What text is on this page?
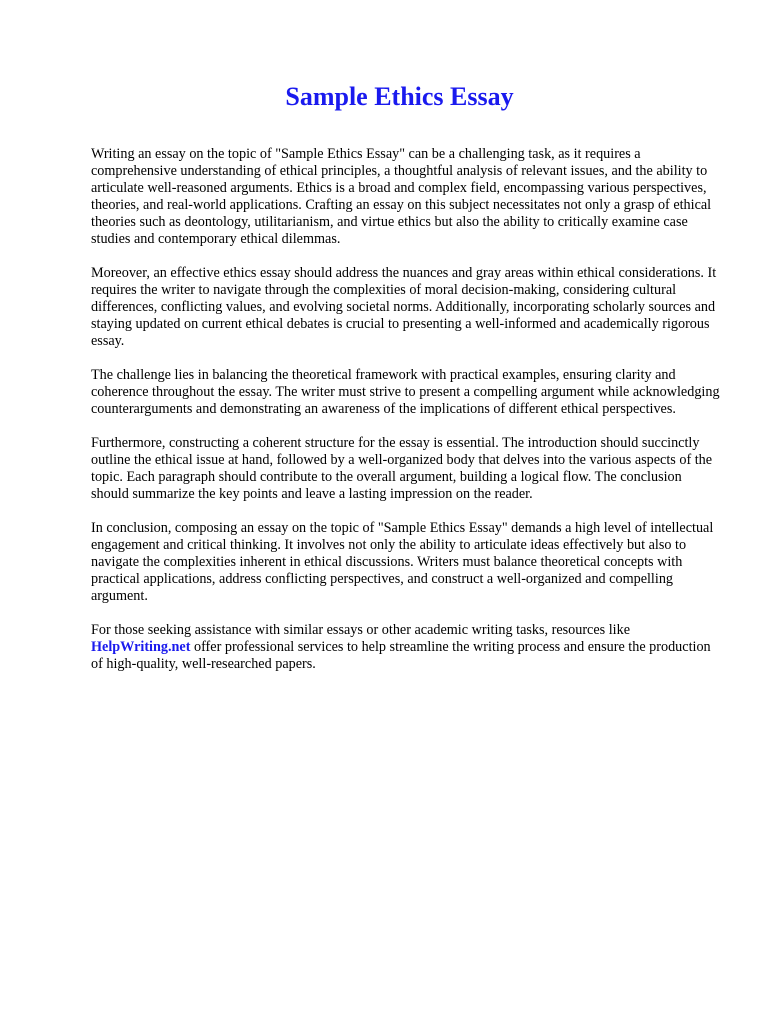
Sample Ethics Essay

Writing an essay on the topic of "Sample Ethics Essay" can be a challenging task, as it requires a comprehensive understanding of ethical principles, a thoughtful analysis of relevant issues, and the ability to articulate well-reasoned arguments. Ethics is a broad and complex field, encompassing various perspectives, theories, and real-world applications. Crafting an essay on this subject necessitates not only a grasp of ethical theories such as deontology, utilitarianism, and virtue ethics but also the ability to critically examine case studies and contemporary ethical dilemmas.

Moreover, an effective ethics essay should address the nuances and gray areas within ethical considerations. It requires the writer to navigate through the complexities of moral decision-making, considering cultural differences, conflicting values, and evolving societal norms. Additionally, incorporating scholarly sources and staying updated on current ethical debates is crucial to presenting a well-informed and academically rigorous essay.

The challenge lies in balancing the theoretical framework with practical examples, ensuring clarity and coherence throughout the essay. The writer must strive to present a compelling argument while acknowledging counterarguments and demonstrating an awareness of the implications of different ethical perspectives.

Furthermore, constructing a coherent structure for the essay is essential. The introduction should succinctly outline the ethical issue at hand, followed by a well-organized body that delves into the various aspects of the topic. Each paragraph should contribute to the overall argument, building a logical flow. The conclusion should summarize the key points and leave a lasting impression on the reader.

In conclusion, composing an essay on the topic of "Sample Ethics Essay" demands a high level of intellectual engagement and critical thinking. It involves not only the ability to articulate ideas effectively but also to navigate the complexities inherent in ethical discussions. Writers must balance theoretical concepts with practical applications, address conflicting perspectives, and construct a well-organized and compelling argument.

For those seeking assistance with similar essays or other academic writing tasks, resources like HelpWriting.net offer professional services to help streamline the writing process and ensure the production of high-quality, well-researched papers.
